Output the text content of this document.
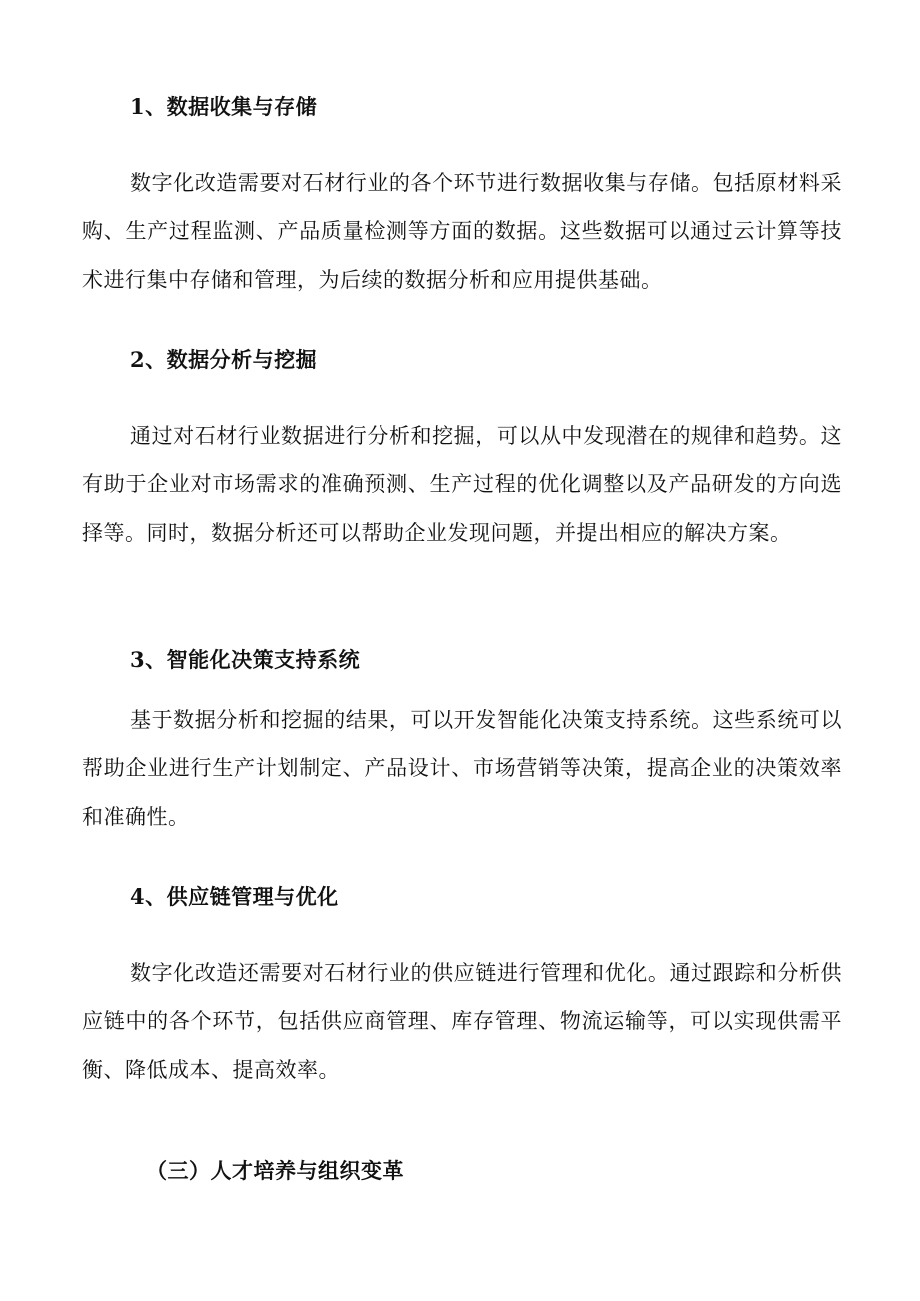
1、数据收集与存储

数字化改造需要对石材行业的各个环节进行数据收集与存储。包括原材料采购、生产过程监测、产品质量检测等方面的数据。这些数据可以通过云计算等技术进行集中存储和管理，为后续的数据分析和应用提供基础。

2、数据分析与挖掘

通过对石材行业数据进行分析和挖掘，可以从中发现潜在的规律和趋势。这有助于企业对市场需求的准确预测、生产过程的优化调整以及产品研发的方向选择等。同时，数据分析还可以帮助企业发现问题，并提出相应的解决方案。

3、智能化决策支持系统

基于数据分析和挖掘的结果，可以开发智能化决策支持系统。这些系统可以帮助企业进行生产计划制定、产品设计、市场营销等决策，提高企业的决策效率和准确性。

4、供应链管理与优化

数字化改造还需要对石材行业的供应链进行管理和优化。通过跟踪和分析供应链中的各个环节，包括供应商管理、库存管理、物流运输等，可以实现供需平衡、降低成本、提高效率。

（三）人才培养与组织变革
